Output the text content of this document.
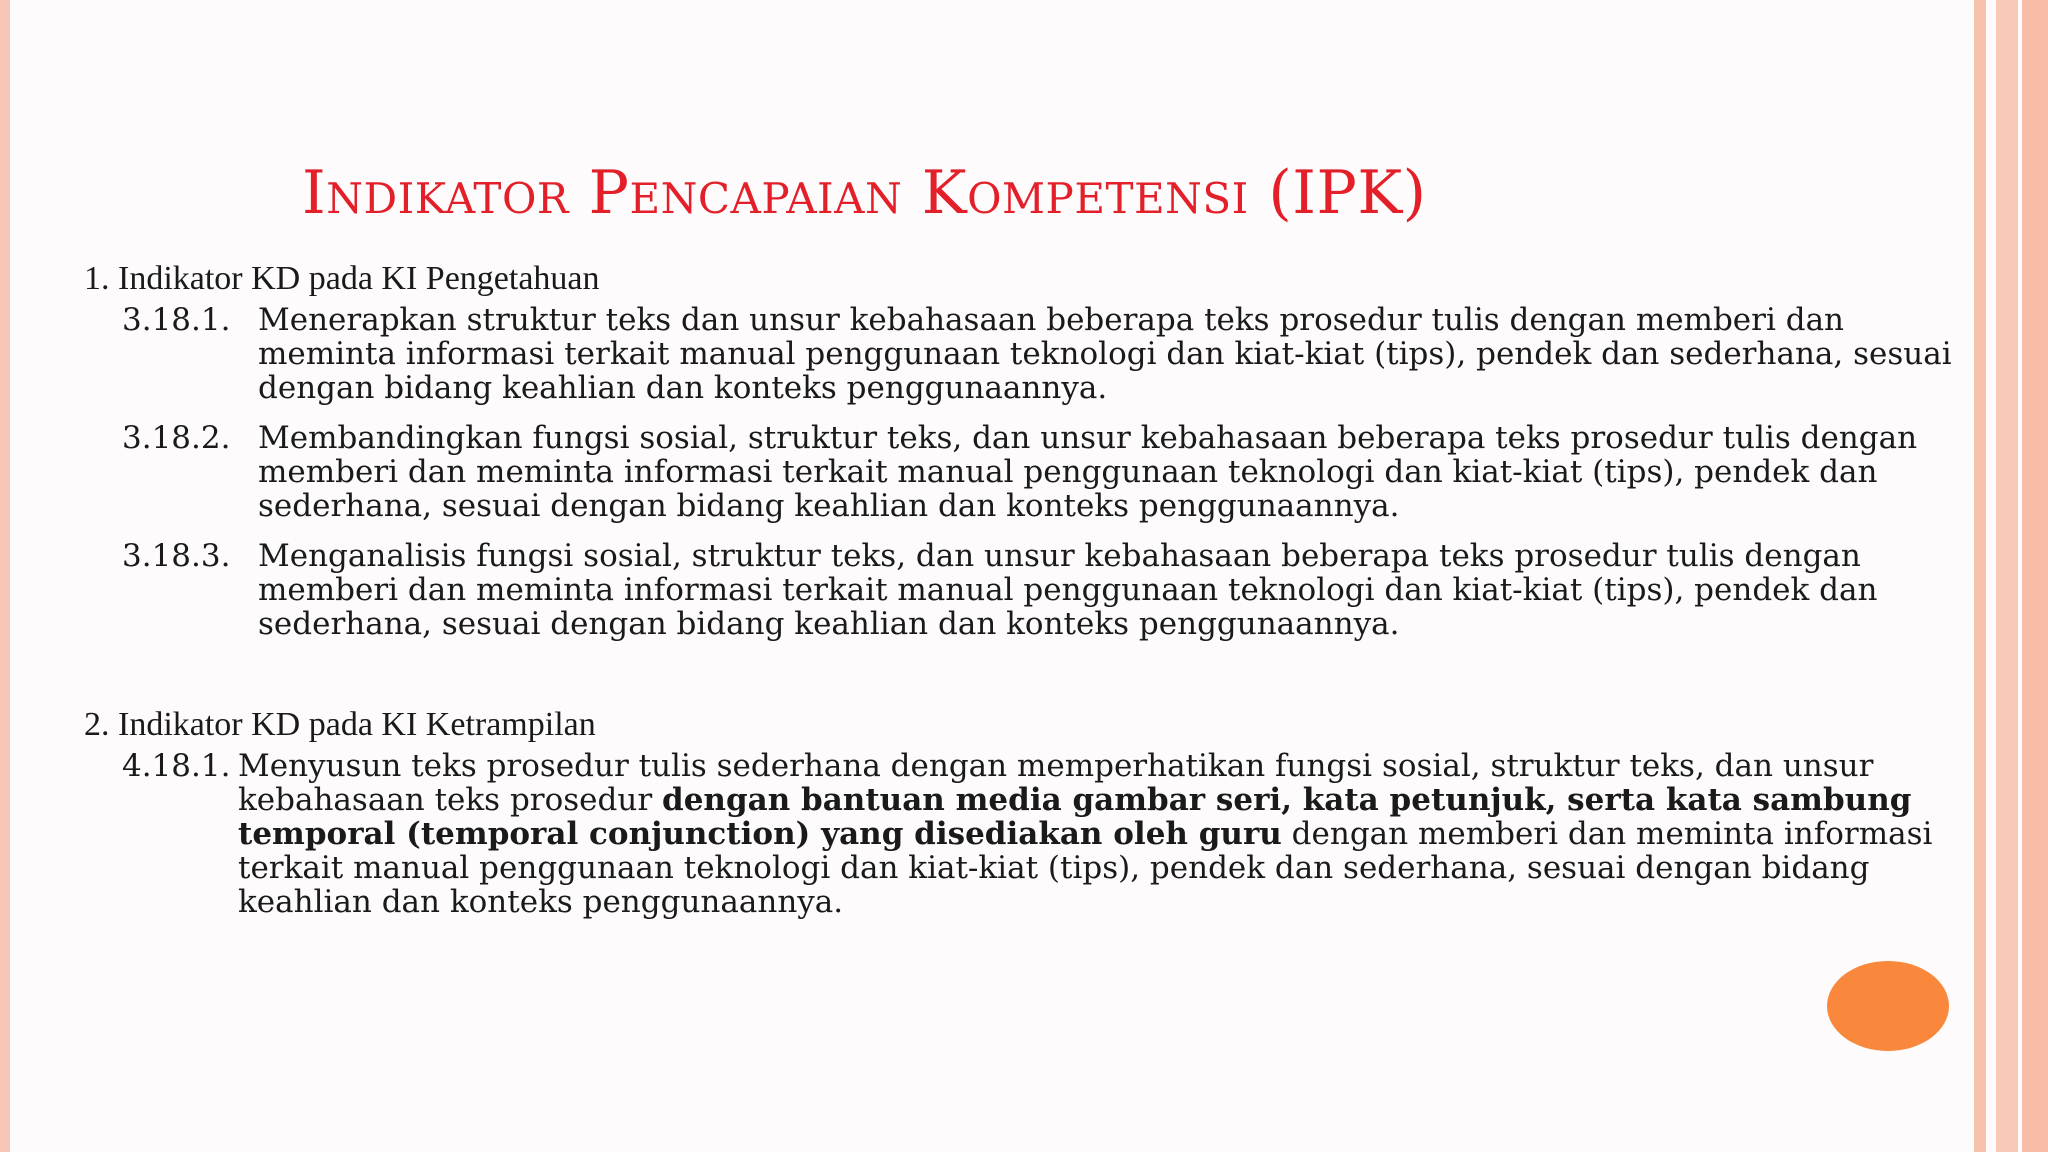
Indikator Pencapaian Kompetensi (IPK)

1. Indikator KD pada KI Pengetahuan

3.18.1. Menerapkan struktur teks dan unsur kebahasaan beberapa teks prosedur tulis dengan memberi dan meminta informasi terkait manual penggunaan teknologi dan kiat-kiat (tips), pendek dan sederhana, sesuai dengan bidang keahlian dan konteks penggunaannya.
3.18.2. Membandingkan fungsi sosial, struktur teks, dan unsur kebahasaan beberapa teks prosedur tulis dengan memberi dan meminta informasi terkait manual penggunaan teknologi dan kiat-kiat (tips), pendek dan sederhana, sesuai dengan bidang keahlian dan konteks penggunaannya.
3.18.3. Menganalisis fungsi sosial, struktur teks, dan unsur kebahasaan beberapa teks prosedur tulis dengan memberi dan meminta informasi terkait manual penggunaan teknologi dan kiat-kiat (tips), pendek dan sederhana, sesuai dengan bidang keahlian dan konteks penggunaannya.

2. Indikator KD pada KI Ketrampilan

4.18.1. Menyusun teks prosedur tulis sederhana dengan memperhatikan fungsi sosial, struktur teks, dan unsur kebahasaan teks prosedur dengan bantuan media gambar seri, kata petunjuk, serta kata sambung temporal (temporal conjunction) yang disediakan oleh guru dengan memberi dan meminta informasi terkait manual penggunaan teknologi dan kiat-kiat (tips), pendek dan sederhana, sesuai dengan bidang keahlian dan konteks penggunaannya.
